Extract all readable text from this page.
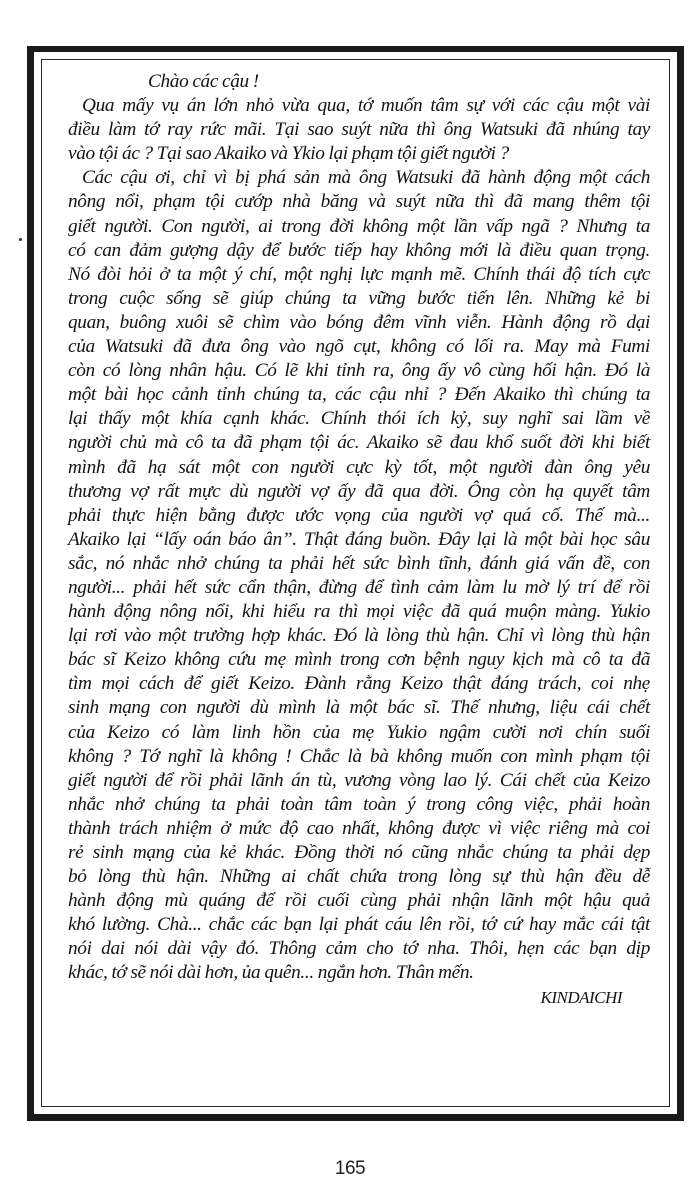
Chào các cậu !
Qua mấy vụ án lớn nhỏ vừa qua, tớ muốn tâm sự với các cậu một vài
điều làm tớ ray rức mãi. Tại sao suýt nữa thì ông Watsuki đã nhúng tay
vào tội ác ? Tại sao Akaiko và Ykio lại phạm tội giết người ?
Các cậu ơi, chỉ vì bị phá sản mà ông Watsuki đã hành động một cách
nông nổi, phạm tội cướp nhà băng và suýt nữa thì đã mang thêm tội
giết người. Con người, ai trong đời không một lần vấp ngã ? Nhưng ta
có can đảm gượng dậy để bước tiếp hay không mới là điều quan trọng.
Nó đòi hỏi ở ta một ý chí, một nghị lực mạnh mẽ. Chính thái độ tích cực
trong cuộc sống sẽ giúp chúng ta vững bước tiến lên. Những kẻ bi
quan, buông xuôi sẽ chìm vào bóng đêm vĩnh viễn. Hành động rồ dại
của Watsuki đã đưa ông vào ngõ cụt, không có lối ra. May mà Fumi
còn có lòng nhân hậu. Có lẽ khi tỉnh ra, ông ấy vô cùng hối hận. Đó là
một bài học cảnh tỉnh chúng ta, các cậu nhỉ ? Đến Akaiko thì chúng ta
lại thấy một khía cạnh khác. Chính thói ích kỷ, suy nghĩ sai lầm về
người chủ mà cô ta đã phạm tội ác. Akaiko sẽ đau khổ suốt đời khi biết
mình đã hạ sát một con người cực kỳ tốt, một người đàn ông yêu
thương vợ rất mực dù người vợ ấy đã qua đời. Ông còn hạ quyết tâm
phải thực hiện bằng được ước vọng của người vợ quá cố. Thế mà...
Akaiko lại “lấy oán báo ân”. Thật đáng buồn. Đây lại là một bài học sâu
sắc, nó nhắc nhở chúng ta phải hết sức bình tĩnh, đánh giá vấn đề, con
người... phải hết sức cẩn thận, đừng để tình cảm làm lu mờ lý trí để rồi
hành động nông nổi, khi hiểu ra thì mọi việc đã quá muộn màng. Yukio
lại rơi vào một trường hợp khác. Đó là lòng thù hận. Chỉ vì lòng thù hận
bác sĩ Keizo không cứu mẹ mình trong cơn bệnh nguy kịch mà cô ta đã
tìm mọi cách để giết Keizo. Đành rằng Keizo thật đáng trách, coi nhẹ
sinh mạng con người dù mình là một bác sĩ. Thế nhưng, liệu cái chết
của Keizo có làm linh hồn của mẹ Yukio ngậm cười nơi chín suối
không ? Tớ nghĩ là không ! Chắc là bà không muốn con mình phạm tội
giết người để rồi phải lãnh án tù, vương vòng lao lý. Cái chết của Keizo
nhắc nhở chúng ta phải toàn tâm toàn ý trong công việc, phải hoàn
thành trách nhiệm ở mức độ cao nhất, không được vì việc riêng mà coi
rẻ sinh mạng của kẻ khác. Đồng thời nó cũng nhắc chúng ta phải dẹp
bỏ lòng thù hận. Những ai chất chứa trong lòng sự thù hận đều dễ
hành động mù quáng để rồi cuối cùng phải nhận lãnh một hậu quả
khó lường. Chà... chắc các bạn lại phát cáu lên rồi, tớ cứ hay mắc cái tật
nói dai nói dài vậy đó. Thông cảm cho tớ nha. Thôi, hẹn các bạn dịp
khác, tớ sẽ nói dài hơn, ủa quên... ngắn hơn. Thân mến.
KINDAICHI
165
